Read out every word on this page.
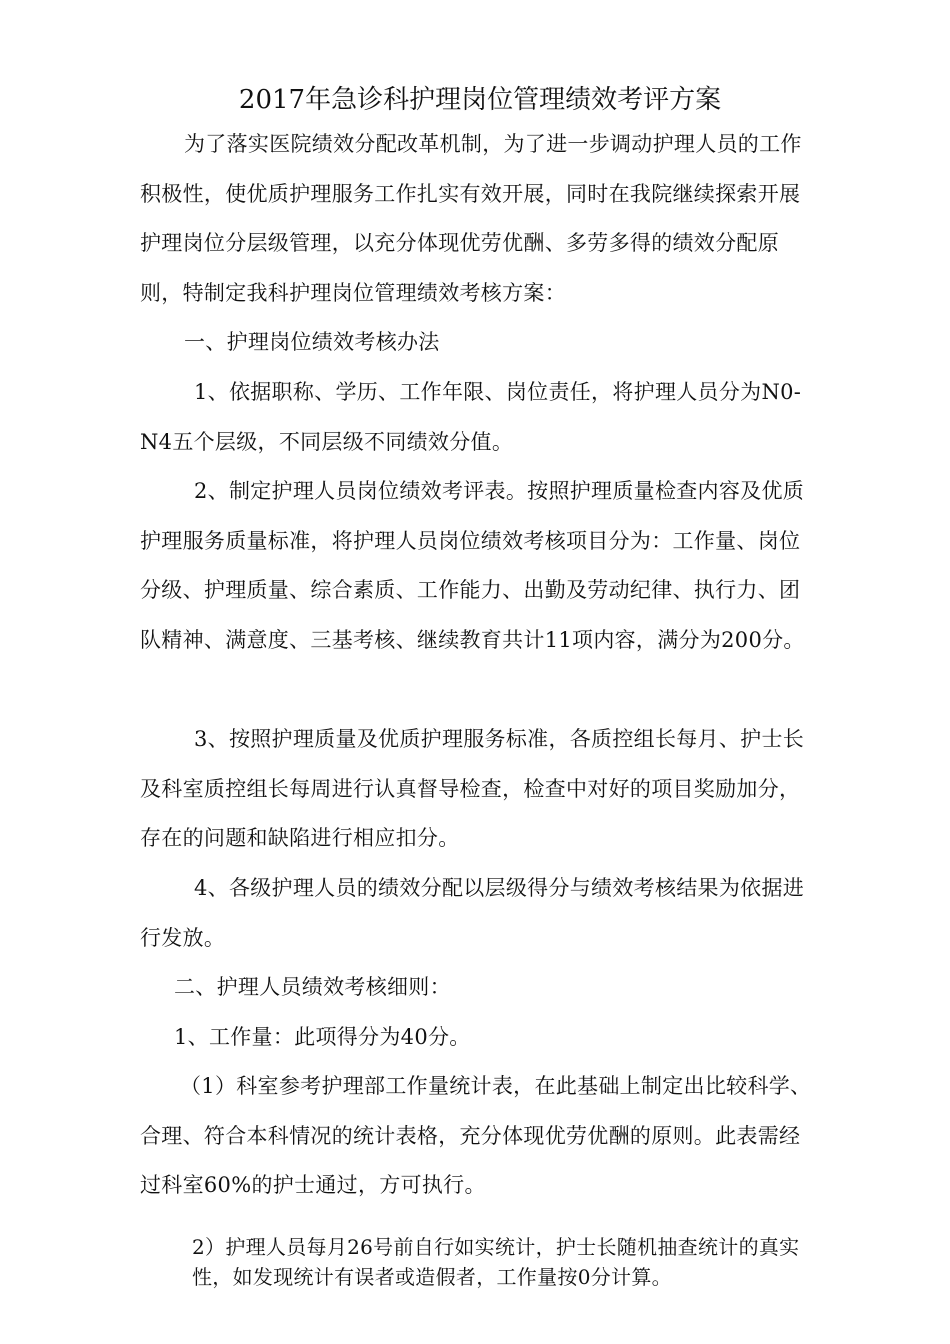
2017年急诊科护理岗位管理绩效考评方案

为了落实医院绩效分配改革机制，为了进一步调动护理人员的工作积极性，使优质护理服务工作扎实有效开展，同时在我院继续探索开展护理岗位分层级管理，以充分体现优劳优酬、多劳多得的绩效分配原则，特制定我科护理岗位管理绩效考核方案：

一、护理岗位绩效考核办法

1、依据职称、学历、工作年限、岗位责任，将护理人员分为N0-N4五个层级，不同层级不同绩效分值。

2、制定护理人员岗位绩效考评表。按照护理质量检查内容及优质护理服务质量标准，将护理人员岗位绩效考核项目分为：工作量、岗位分级、护理质量、综合素质、工作能力、出勤及劳动纪律、执行力、团队精神、满意度、三基考核、继续教育共计11项内容，满分为200分。

3、按照护理质量及优质护理服务标准，各质控组长每月、护士长及科室质控组长每周进行认真督导检查，检查中对好的项目奖励加分，存在的问题和缺陷进行相应扣分。

4、各级护理人员的绩效分配以层级得分与绩效考核结果为依据进行发放。

二、护理人员绩效考核细则：

1、工作量：此项得分为40分。

（1）科室参考护理部工作量统计表，在此基础上制定出比较科学、合理、符合本科情况的统计表格，充分体现优劳优酬的原则。此表需经过科室60%的护士通过，方可执行。

2）护理人员每月26号前自行如实统计，护士长随机抽查统计的真实性，如发现统计有误者或造假者，工作量按0分计算。
